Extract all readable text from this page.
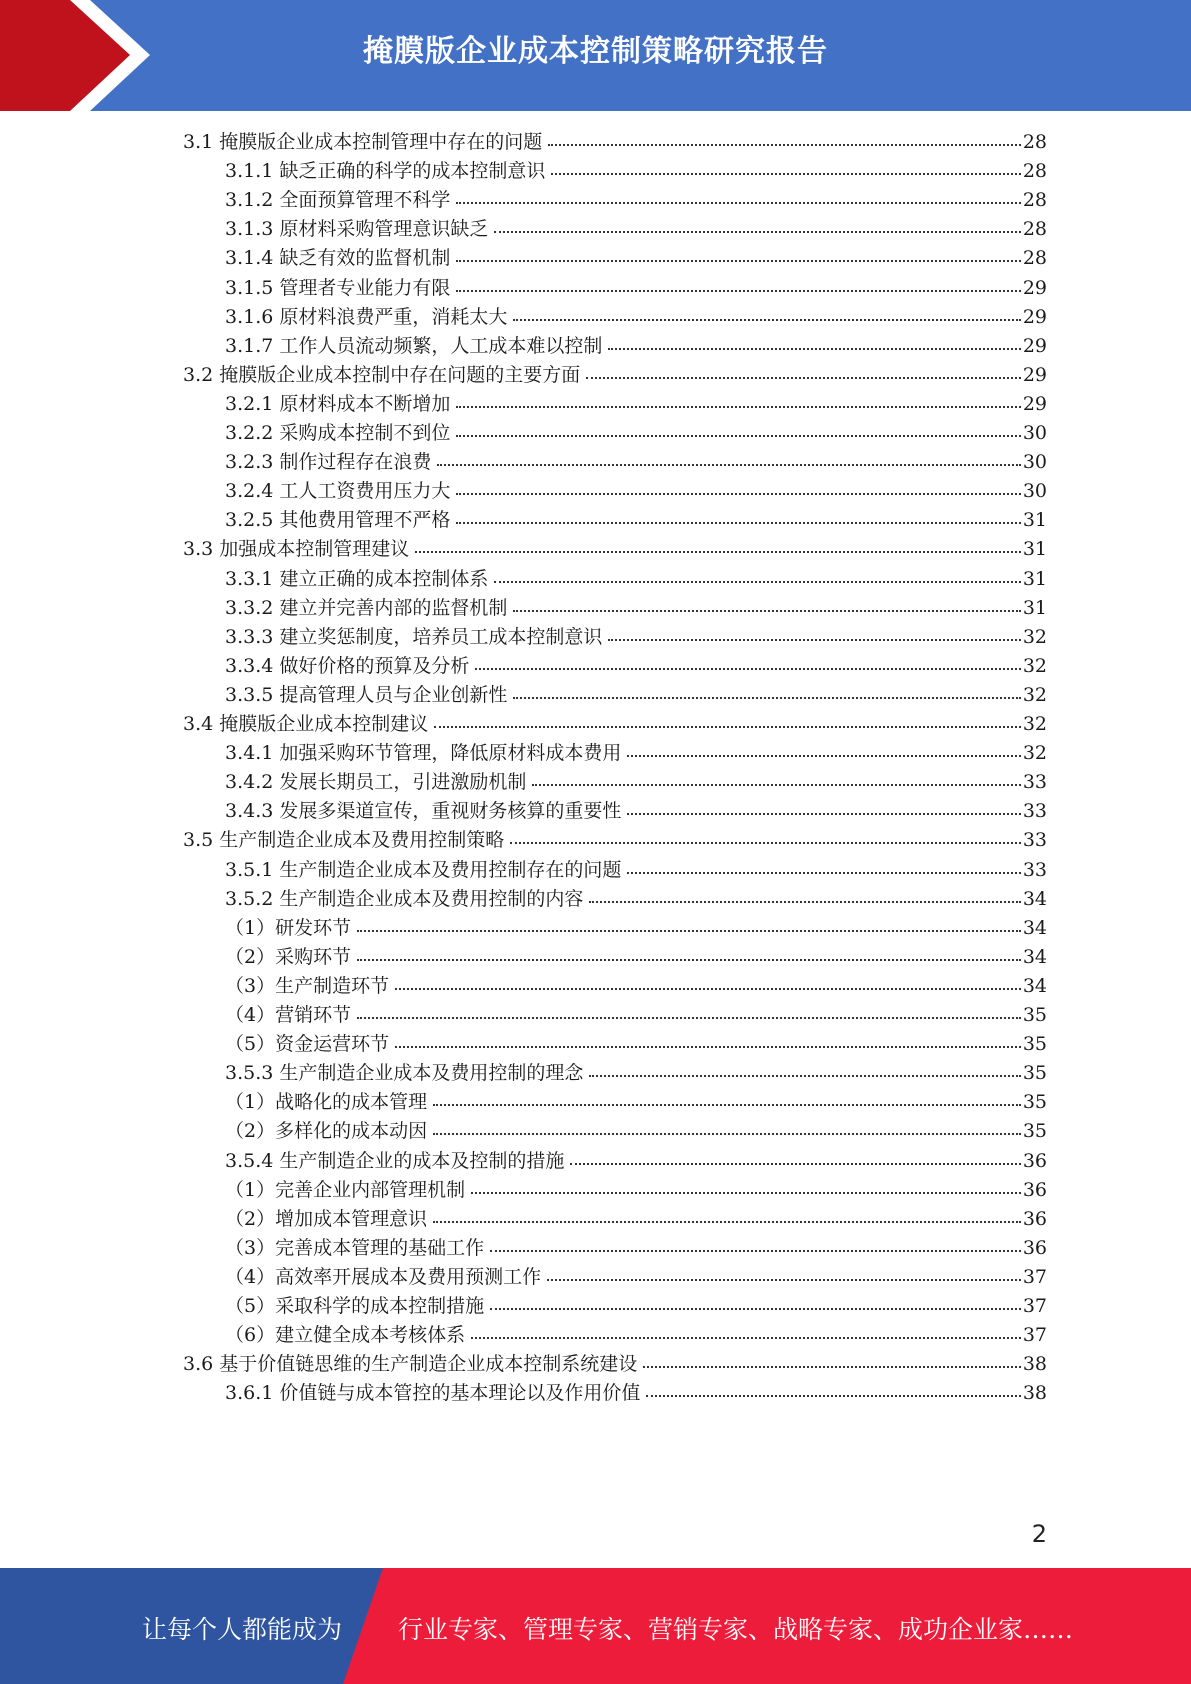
掩膜版企业成本控制策略研究报告
3.1 掩膜版企业成本控制管理中存在的问题	28
3.1.1 缺乏正确的科学的成本控制意识	28
3.1.2 全面预算管理不科学	28
3.1.3 原材料采购管理意识缺乏	28
3.1.4 缺乏有效的监督机制	28
3.1.5 管理者专业能力有限	29
3.1.6 原材料浪费严重，消耗太大	29
3.1.7 工作人员流动频繁，人工成本难以控制	29
3.2 掩膜版企业成本控制中存在问题的主要方面	29
3.2.1 原材料成本不断增加	29
3.2.2 采购成本控制不到位	30
3.2.3 制作过程存在浪费	30
3.2.4 工人工资费用压力大	30
3.2.5 其他费用管理不严格	31
3.3 加强成本控制管理建议	31
3.3.1 建立正确的成本控制体系	31
3.3.2 建立并完善内部的监督机制	31
3.3.3 建立奖惩制度，培养员工成本控制意识	32
3.3.4 做好价格的预算及分析	32
3.3.5 提高管理人员与企业创新性	32
3.4 掩膜版企业成本控制建议	32
3.4.1 加强采购环节管理，降低原材料成本费用	32
3.4.2 发展长期员工，引进激励机制	33
3.4.3 发展多渠道宣传，重视财务核算的重要性	33
3.5 生产制造企业成本及费用控制策略	33
3.5.1 生产制造企业成本及费用控制存在的问题	33
3.5.2 生产制造企业成本及费用控制的内容	34
（1）研发环节	34
（2）采购环节	34
（3）生产制造环节	34
（4）营销环节	35
（5）资金运营环节	35
3.5.3 生产制造企业成本及费用控制的理念	35
（1）战略化的成本管理	35
（2）多样化的成本动因	35
3.5.4 生产制造企业的成本及控制的措施	36
（1）完善企业内部管理机制	36
（2）增加成本管理意识	36
（3）完善成本管理的基础工作	36
（4）高效率开展成本及费用预测工作	37
（5）采取科学的成本控制措施	37
（6）建立健全成本考核体系	37
3.6 基于价值链思维的生产制造企业成本控制系统建设	38
3.6.1 价值链与成本管控的基本理论以及作用价值	38
2
让每个人都能成为 行业专家、管理专家、营销专家、战略专家、成功企业家……
